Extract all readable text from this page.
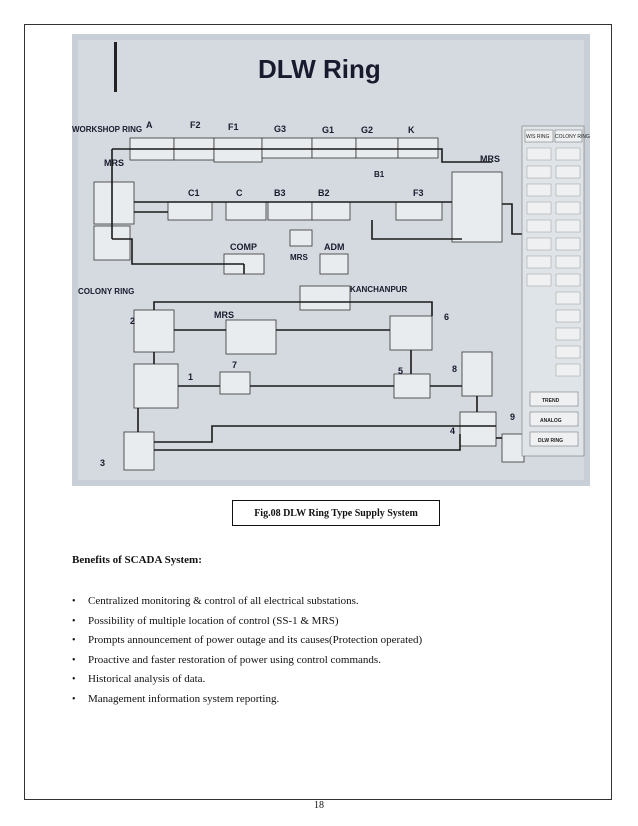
DLW Ring
WORKSHOP RING
COLONY RING	KANCHANPUR
A	F2	F1	G3	G1	G2	K
C1	C	B3	B2	F3
B1
MRS	MRS
COMP	ADM
MRS
MRS
2	6
7
1
5	8
4
9
3
W/S RING COLONY RING
TREND
ANALOG
DLW RING
Fig.08 DLW Ring Type Supply System
Benefits of SCADA System:
•	Centralized monitoring & control of all electrical substations.
•	Possibility of multiple location of control (SS-1 & MRS)
•	Prompts announcement of power outage and its causes(Protection operated)
•	Proactive and faster restoration of power using control commands.
•	Historical analysis of data.
•	Management information system reporting.
18
